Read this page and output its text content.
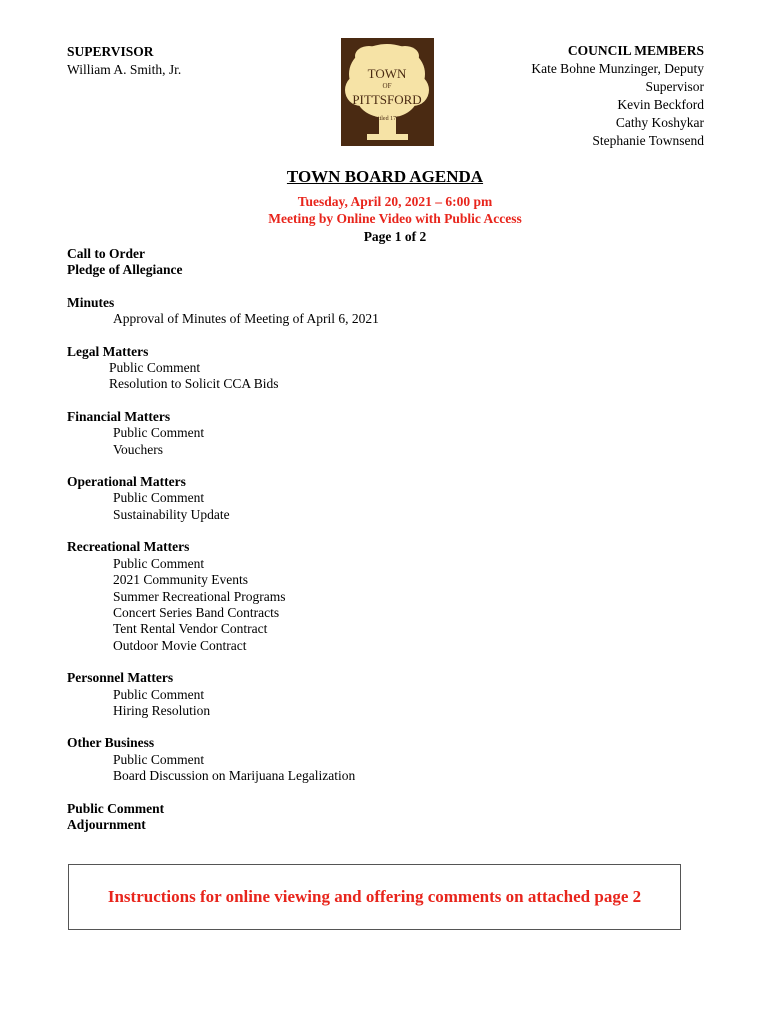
SUPERVISOR
William A. Smith, Jr.	TOWN
OF
PITTSFORD
Settled 1789
COUNCIL MEMBERS
Kate Bohne Munzinger, Deputy
Supervisor
Kevin Beckford
Cathy Koshykar
Stephanie Townsend
TOWN BOARD AGENDA
Tuesday, April 20, 2021 – 6:00 pm
Meeting by Online Video with Public Access
Page 1 of 2
Call to Order
Pledge of Allegiance
Minutes
Approval of Minutes of Meeting of April 6, 2021
Legal Matters
Public Comment
Resolution to Solicit CCA Bids
Financial Matters
Public Comment
Vouchers
Operational Matters
Public Comment
Sustainability Update
Recreational Matters
Public Comment
2021 Community Events
Summer Recreational Programs
Concert Series Band Contracts
Tent Rental Vendor Contract
Outdoor Movie Contract
Personnel Matters
Public Comment
Hiring Resolution
Other Business
Public Comment
Board Discussion on Marijuana Legalization
Public Comment
Adjournment
Instructions for online viewing and offering comments on attached page 2
